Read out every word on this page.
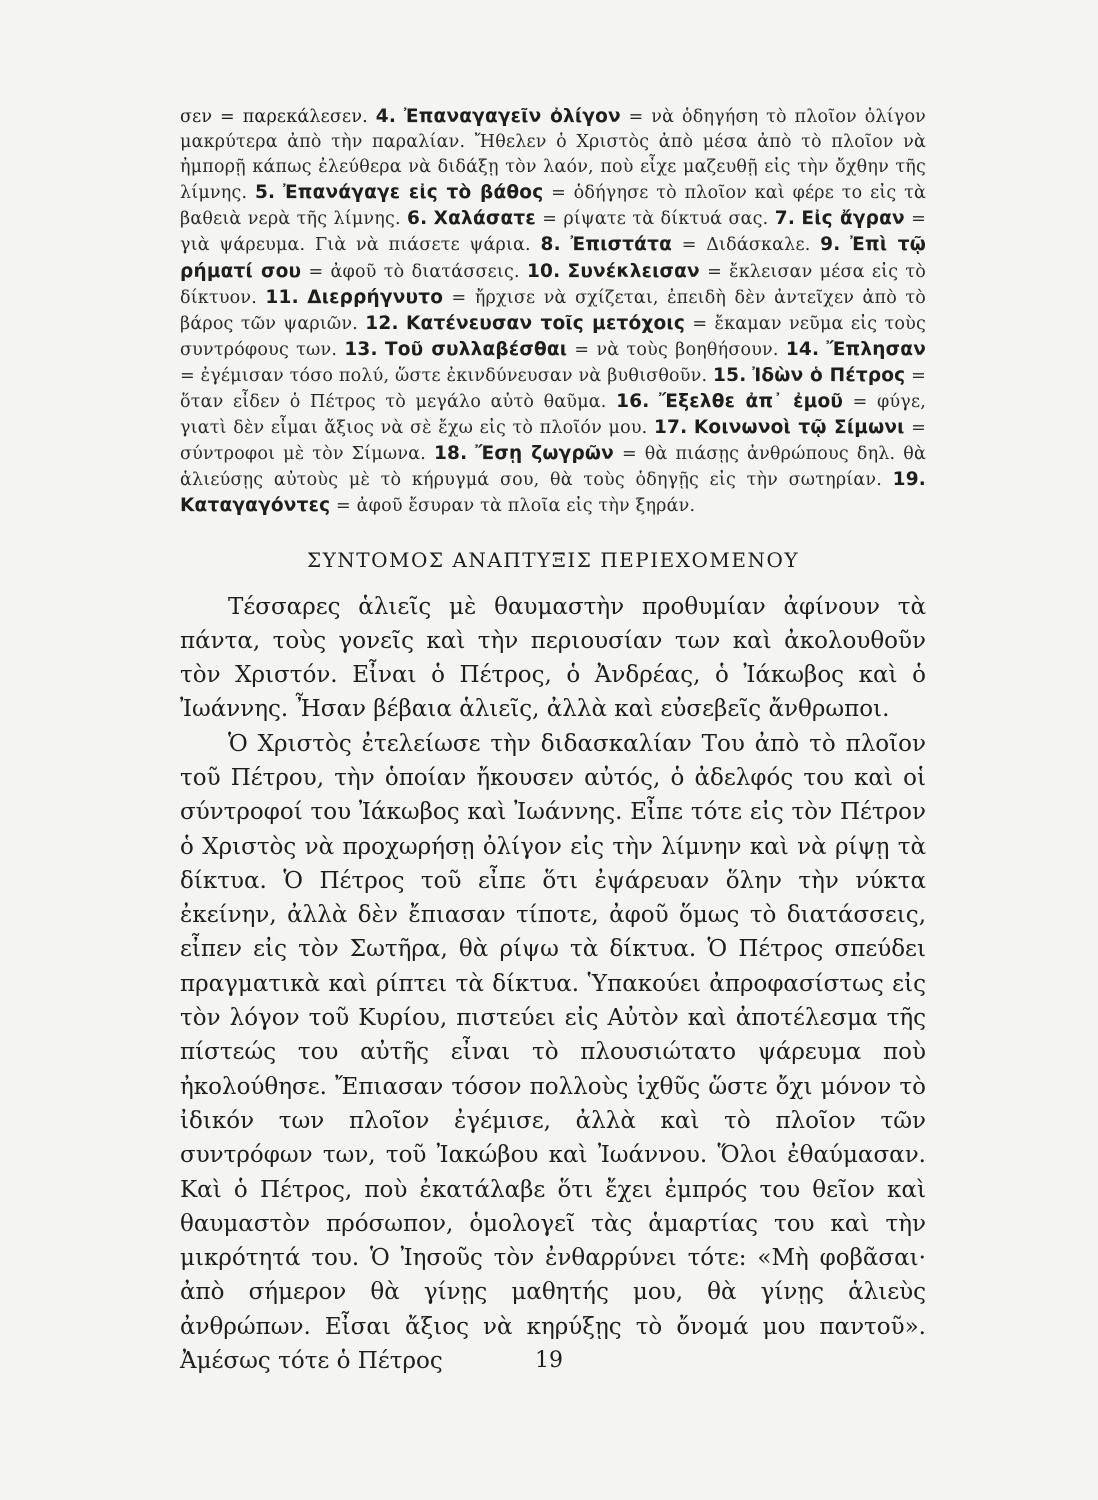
σεν = παρεκάλεσεν. 4. Ἐπαναγαγεῖν ὀλίγον = νὰ ὁδηγήση τὸ πλοῖον ὀλίγον μακρύτερα ἀπὸ τὴν παραλίαν. Ἤθελεν ὁ Χριστὸς ἀπὸ μέσα ἀπὸ τὸ πλοῖον νὰ ἠμπορῇ κάπως ἐλεύθερα νὰ διδάξῃ τὸν λαόν, ποὺ εἶχε μαζευθῇ εἰς τὴν ὄχθην τῆς λίμνης. 5. Ἐπανάγαγε εἰς τὸ βάθος = ὁδήγησε τὸ πλοῖον καὶ φέρε το εἰς τὰ βαθειὰ νερὰ τῆς λίμνης. 6. Χαλάσατε = ρίψατε τὰ δίκτυά σας. 7. Εἰς ἄγραν = γιὰ ψάρευμα. Γιὰ νὰ πιάσετε ψάρια. 8. Ἐπιστάτα = Διδάσκαλε. 9. Ἐπὶ τῷ ρήματί σου = ἀφοῦ τὸ διατάσσεις. 10. Συνέκλεισαν = ἔκλεισαν μέσα εἰς τὸ δίκτυον. 11. Διερρήγνυτο = ἤρχισε νὰ σχίζεται, ἐπειδὴ δὲν ἀντεῖχεν ἀπὸ τὸ βάρος τῶν ψαριῶν. 12. Κατένευσαν τοῖς μετόχοις = ἔκαμαν νεῦμα εἰς τοὺς συντρόφους των. 13. Τοῦ συλλαβέσθαι = νὰ τοὺς βοηθήσουν. 14. Ἔπλησαν = ἐγέμισαν τόσο πολύ, ὥστε ἐκινδύνευσαν νὰ βυθισθοῦν. 15. Ἰδὼν ὁ Πέτρος = ὅταν εἶδεν ὁ Πέτρος τὸ μεγάλο αὐτὸ θαῦμα. 16. Ἔξελθε ἀπ᾿ ἐμοῦ = φύγε, γιατὶ δὲν εἶμαι ἄξιος νὰ σὲ ἔχω εἰς τὸ πλοῖόν μου. 17. Κοινωνοὶ τῷ Σίμωνι = σύντροφοι μὲ τὸν Σίμωνα. 18. Ἔσῃ ζωγρῶν = θὰ πιάσῃς ἀνθρώπους δηλ. θὰ ἁλιεύσῃς αὐτοὺς μὲ τὸ κήρυγμά σου, θὰ τοὺς ὁδηγῇς εἰς τὴν σωτηρίαν. 19. Καταγαγόντες = ἀφοῦ ἔσυραν τὰ πλοῖα εἰς τὴν ξηράν.

ΣΥΝΤΟΜΟΣ ΑΝΑΠΤΥΞΙΣ ΠΕΡΙΕΧΟΜΕΝΟΥ

Τέσσαρες ἁλιεῖς μὲ θαυμαστὴν προθυμίαν ἀφίνουν τὰ πάντα, τοὺς γονεῖς καὶ τὴν περιουσίαν των καὶ ἀκολουθοῦν τὸν Χριστόν. Εἶναι ὁ Πέτρος, ὁ Ἀνδρέας, ὁ Ἰάκωβος καὶ ὁ Ἰωάννης. Ἦσαν βέβαια ἁλιεῖς, ἀλλὰ καὶ εὐσεβεῖς ἄνθρωποι.

Ὁ Χριστὸς ἐτελείωσε τὴν διδασκαλίαν Του ἀπὸ τὸ πλοῖον τοῦ Πέτρου, τὴν ὁποίαν ἤκουσεν αὐτός, ὁ ἀδελφός του καὶ οἱ σύντροφοί του Ἰάκωβος καὶ Ἰωάννης. Εἶπε τότε εἰς τὸν Πέτρον ὁ Χριστὸς νὰ προχωρήσῃ ὀλίγον εἰς τὴν λίμνην καὶ νὰ ρίψῃ τὰ δίκτυα. Ὁ Πέτρος τοῦ εἶπε ὅτι ἐψάρευαν ὅλην τὴν νύκτα ἐκείνην, ἀλλὰ δὲν ἔπιασαν τίποτε, ἀφοῦ ὅμως τὸ διατάσσεις, εἶπεν εἰς τὸν Σωτῆρα, θὰ ρίψω τὰ δίκτυα. Ὁ Πέτρος σπεύδει πραγματικὰ καὶ ρίπτει τὰ δίκτυα. Ὑπακούει ἀπροφασίστως εἰς τὸν λόγον τοῦ Κυρίου, πιστεύει εἰς Αὐτὸν καὶ ἀποτέλεσμα τῆς πίστεώς του αὐτῆς εἶναι τὸ πλουσιώτατο ψάρευμα ποὺ ἠκολούθησε. Ἔπιασαν τόσον πολλοὺς ἰχθῦς ὥστε ὄχι μόνον τὸ ἰδικόν των πλοῖον ἐγέμισε, ἀλλὰ καὶ τὸ πλοῖον τῶν συντρόφων των, τοῦ Ἰακώβου καὶ Ἰωάννου. Ὅλοι ἐθαύμασαν. Καὶ ὁ Πέτρος, ποὺ ἐκατάλαβε ὅτι ἔχει ἐμπρός του θεῖον καὶ θαυμαστὸν πρόσωπον, ὁμολογεῖ τὰς ἁμαρτίας του καὶ τὴν μικρότητά του. Ὁ Ἰησοῦς τὸν ἐνθαρρύνει τότε: «Μὴ φοβᾶσαι· ἀπὸ σήμερον θὰ γίνῃς μαθητής μου, θὰ γίνῃς ἁλιεὺς ἀνθρώπων. Εἶσαι ἄξιος νὰ κηρύξῃς τὸ ὄνομά μου παντοῦ». Ἀμέσως τότε ὁ Πέτρος	19
